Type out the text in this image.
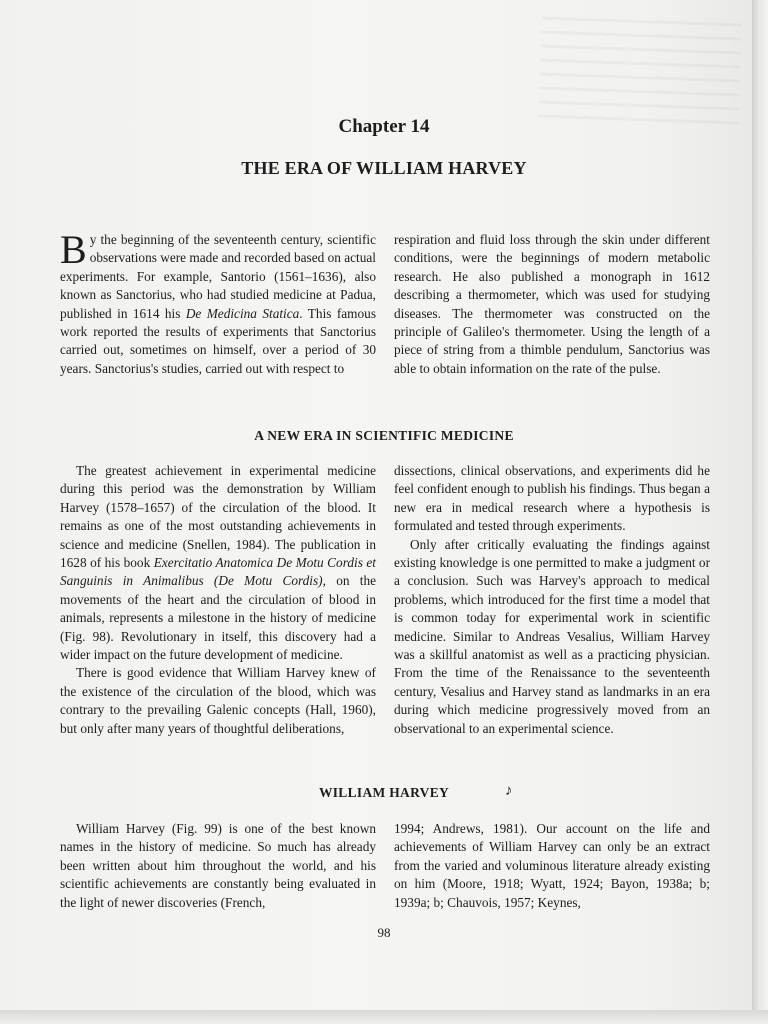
Chapter 14
THE ERA OF WILLIAM HARVEY

By the beginning of the seventeenth century, scientific observations were made and recorded based on actual experiments. For example, Santorio (1561–1636), also known as Sanctorius, who had studied medicine at Padua, published in 1614 his De Medicina Statica. This famous work reported the results of experiments that Sanctorius carried out, sometimes on himself, over a period of 30 years. Sanctorius's studies, carried out with respect to

respiration and fluid loss through the skin under different conditions, were the beginnings of modern metabolic research. He also published a monograph in 1612 describing a thermometer, which was used for studying diseases. The thermometer was constructed on the principle of Galileo's thermometer. Using the length of a piece of string from a thimble pendulum, Sanctorius was able to obtain information on the rate of the pulse.

A NEW ERA IN SCIENTIFIC MEDICINE

The greatest achievement in experimental medicine during this period was the demonstration by William Harvey (1578–1657) of the circulation of the blood. It remains as one of the most outstanding achievements in science and medicine (Snellen, 1984). The publication in 1628 of his book Exercitatio Anatomica De Motu Cordis et Sanguinis in Animalibus (De Motu Cordis), on the movements of the heart and the circulation of blood in animals, represents a milestone in the history of medicine (Fig. 98). Revolutionary in itself, this discovery had a wider impact on the future development of medicine.

There is good evidence that William Harvey knew of the existence of the circulation of the blood, which was contrary to the prevailing Galenic concepts (Hall, 1960), but only after many years of thoughtful deliberations,

dissections, clinical observations, and experiments did he feel confident enough to publish his findings. Thus began a new era in medical research where a hypothesis is formulated and tested through experiments.

Only after critically evaluating the findings against existing knowledge is one permitted to make a judgment or a conclusion. Such was Harvey's approach to medical problems, which introduced for the first time a model that is common today for experimental work in scientific medicine. Similar to Andreas Vesalius, William Harvey was a skillful anatomist as well as a practicing physician. From the time of the Renaissance to the seventeenth century, Vesalius and Harvey stand as landmarks in an era during which medicine progressively moved from an observational to an experimental science.

WILLIAM HARVEY	♪

William Harvey (Fig. 99) is one of the best known names in the history of medicine. So much has already been written about him throughout the world, and his scientific achievements are constantly being evaluated in the light of newer discoveries (French,

1994; Andrews, 1981). Our account on the life and achievements of William Harvey can only be an extract from the varied and voluminous literature already existing on him (Moore, 1918; Wyatt, 1924; Bayon, 1938a; b; 1939a; b; Chauvois, 1957; Keynes,

98
